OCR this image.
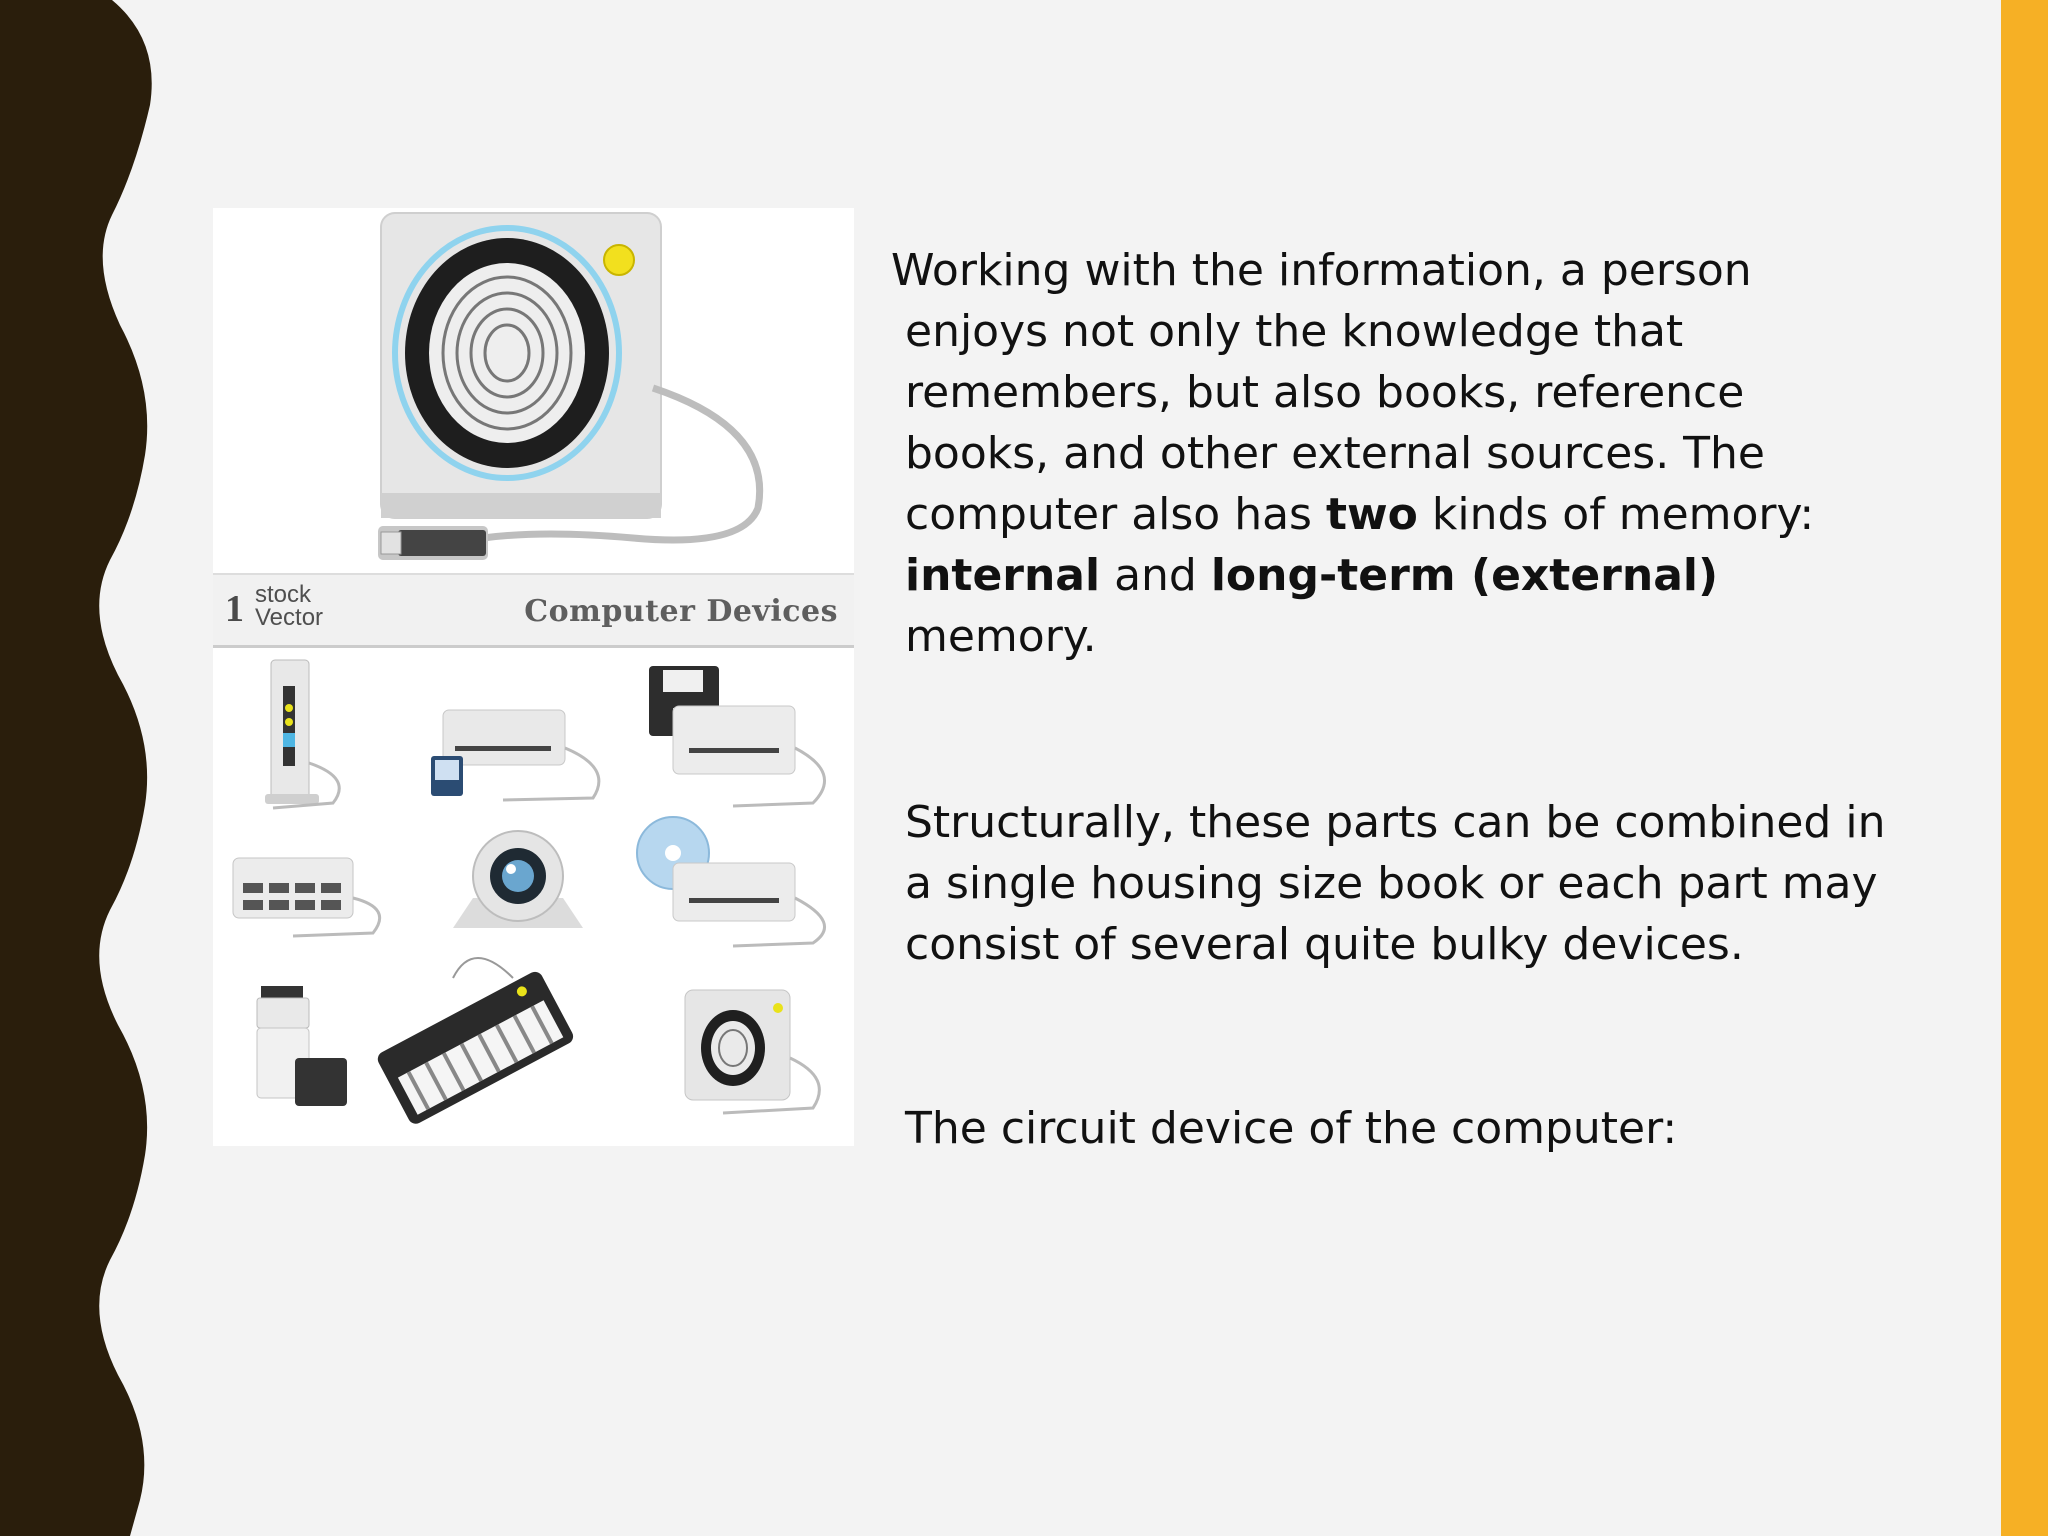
1 stock
Vector	Computer Devices
Working with the information, a person
enjoys not only the knowledge that
remembers, but also books, reference
books, and other external sources. The
computer also has two kinds of memory:
internal and long-term (external)
memory.
Structurally, these parts can be combined in
a single housing size book or each part may
consist of several quite bulky devices.
The circuit device of the computer:
